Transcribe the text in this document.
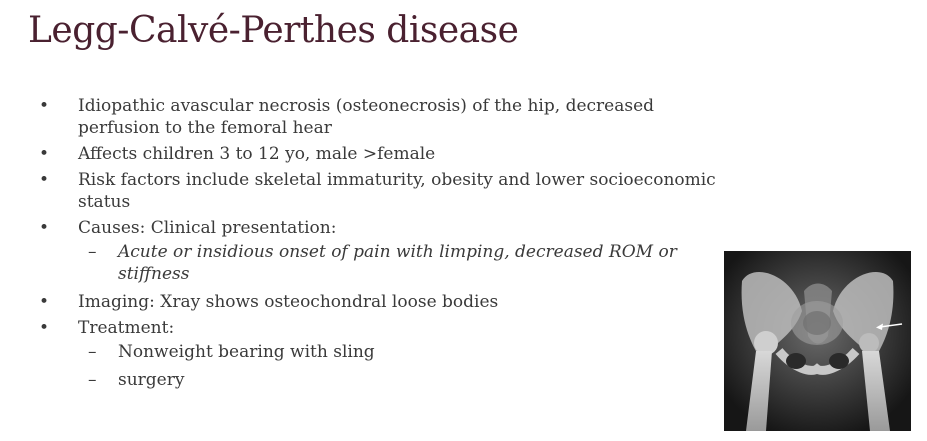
Legg-Calvé-Perthes disease
• Idiopathic avascular necrosis (osteonecrosis) of the hip, decreased perfusion to the femoral hear
• Affects children 3 to 12 yo, male >female
• Risk factors include skeletal immaturity, obesity and lower socioeconomic status
• Causes: Clinical presentation:
– Acute or insidious onset of pain with limping, decreased ROM or stiffness
• Imaging: Xray shows osteochondral loose bodies
• Treatment:
– Nonweight bearing with sling
– surgery
